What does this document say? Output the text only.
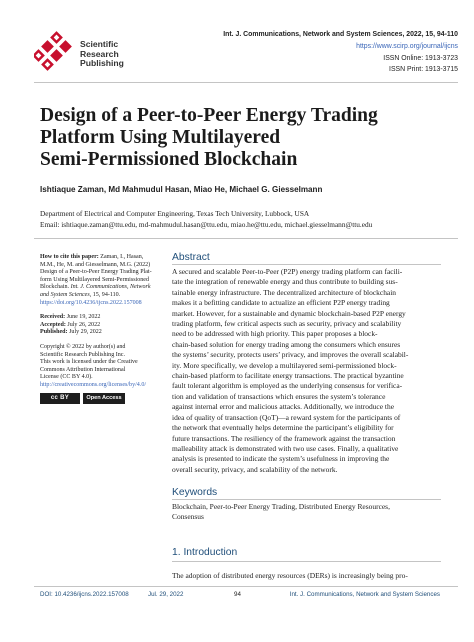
Scientific
Research
Publishing
Int. J. Communications, Network and System Sciences, 2022, 15, 94-110
https://www.scirp.org/journal/ijcns
ISSN Online: 1913-3723
ISSN Print: 1913-3715
Design of a Peer-to-Peer Energy Trading
Platform Using Multilayered
Semi-Permissioned Blockchain
Ishtiaque Zaman, Md Mahmudul Hasan, Miao He, Michael G. Giesselmann
Department of Electrical and Computer Engineering, Texas Tech University, Lubbock, USA
Email: ishtiaque.zaman@ttu.edu, md-mahmudul.hasan@ttu.edu, miao.he@ttu.edu, michael.giesselmann@ttu.edu
How to cite this paper: Zaman, I., Hasan,
M.M., He, M. and Giesselmann, M.G. (2022)
Design of a Peer-to-Peer Energy Trading Plat-
form Using Multilayered Semi-Permissioned
Blockchain. Int. J. Communications, Network
and System Sciences, 15, 94-110.
https://doi.org/10.4236/ijcns.2022.157008
Received: June 19, 2022
Accepted: July 26, 2022
Published: July 29, 2022
Copyright © 2022 by author(s) and
Scientific Research Publishing Inc.
This work is licensed under the Creative
Commons Attribution International
License (CC BY 4.0).
http://creativecommons.org/licenses/by/4.0/
cc BY	Open Access
Abstract
A secured and scalable Peer-to-Peer (P2P) energy trading platform can facili-
tate the integration of renewable energy and thus contribute to building sus-
tainable energy infrastructure. The decentralized architecture of blockchain
makes it a befitting candidate to actualize an efficient P2P energy trading
market. However, for a sustainable and dynamic blockchain-based P2P energy
trading platform, few critical aspects such as security, privacy and scalability
need to be addressed with high priority. This paper proposes a block-
chain-based solution for energy trading among the consumers which ensures
the systems’ security, protects users’ privacy, and improves the overall scalabil-
ity. More specifically, we develop a multilayered semi-permissioned block-
chain-based platform to facilitate energy transactions. The practical byzantine
fault tolerant algorithm is employed as the underlying consensus for verifica-
tion and validation of transactions which ensures the system’s tolerance
against internal error and malicious attacks. Additionally, we introduce the
idea of quality of transaction (QoT)—a reward system for the participants of
the network that eventually helps determine the participant’s eligibility for
future transactions. The resiliency of the framework against the transaction
malleability attack is demonstrated with two use cases. Finally, a qualitative
analysis is presented to indicate the system’s usefulness in improving the
overall security, privacy, and scalability of the network.
Keywords
Blockchain, Peer-to-Peer Energy Trading, Distributed Energy Resources,
Consensus
1. Introduction
The adoption of distributed energy resources (DERs) is increasingly being pro-
DOI: 10.4236/ijcns.2022.157008	Jul. 29, 2022	94	Int. J. Communications, Network and System Sciences
